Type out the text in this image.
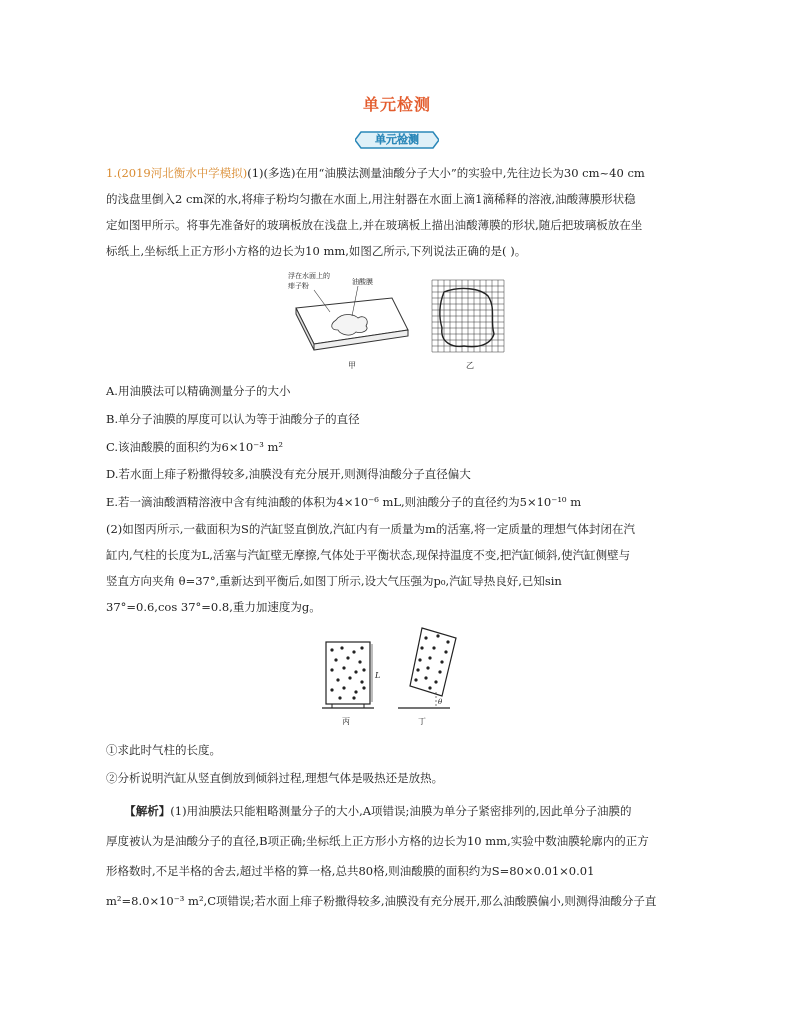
单元检测
单元检测
1.(2019河北衡水中学模拟)(1)(多选)在用“油膜法测量油酸分子大小”的实验中,先往边长为30 cm~40 cm
的浅盘里倒入2 cm深的水,将痱子粉均匀撒在水面上,用注射器在水面上滴1滴稀释的溶液,油酸薄膜形状稳
定如图甲所示。将事先准备好的玻璃板放在浅盘上,并在玻璃板上描出油酸薄膜的形状,随后把玻璃板放在坐
标纸上,坐标纸上正方形小方格的边长为10 mm,如图乙所示,下列说法正确的是( )。
浮在水面上的
痱子粉	油酸膜
甲	乙
A.用油膜法可以精确测量分子的大小
B.单分子油膜的厚度可以认为等于油酸分子的直径
C.该油酸膜的面积约为6×10⁻³ m²
D.若水面上痱子粉撒得较多,油膜没有充分展开,则测得油酸分子直径偏大
E.若一滴油酸酒精溶液中含有纯油酸的体积为4×10⁻⁶ mL,则油酸分子的直径约为5×10⁻¹⁰ m
(2)如图丙所示,一截面积为S的汽缸竖直倒放,汽缸内有一质量为m的活塞,将一定质量的理想气体封闭在汽
缸内,气柱的长度为L,活塞与汽缸壁无摩擦,气体处于平衡状态,现保持温度不变,把汽缸倾斜,使汽缸侧壁与
竖直方向夹角 θ=37°,重新达到平衡后,如图丁所示,设大气压强为p₀,汽缸导热良好,已知sin
37°=0.6,cos 37°=0.8,重力加速度为g。
L
丙
θ
丁
①求此时气柱的长度。
②分析说明汽缸从竖直倒放到倾斜过程,理想气体是吸热还是放热。
【解析】(1)用油膜法只能粗略测量分子的大小,A项错误;油膜为单分子紧密排列的,因此单分子油膜的
厚度被认为是油酸分子的直径,B项正确;坐标纸上正方形小方格的边长为10 mm,实验中数油膜轮廓内的正方
形格数时,不足半格的舍去,超过半格的算一格,总共80格,则油酸膜的面积约为S=80×0.01×0.01
m²=8.0×10⁻³ m²,C项错误;若水面上痱子粉撒得较多,油膜没有充分展开,那么油酸膜偏小,则测得油酸分子直
